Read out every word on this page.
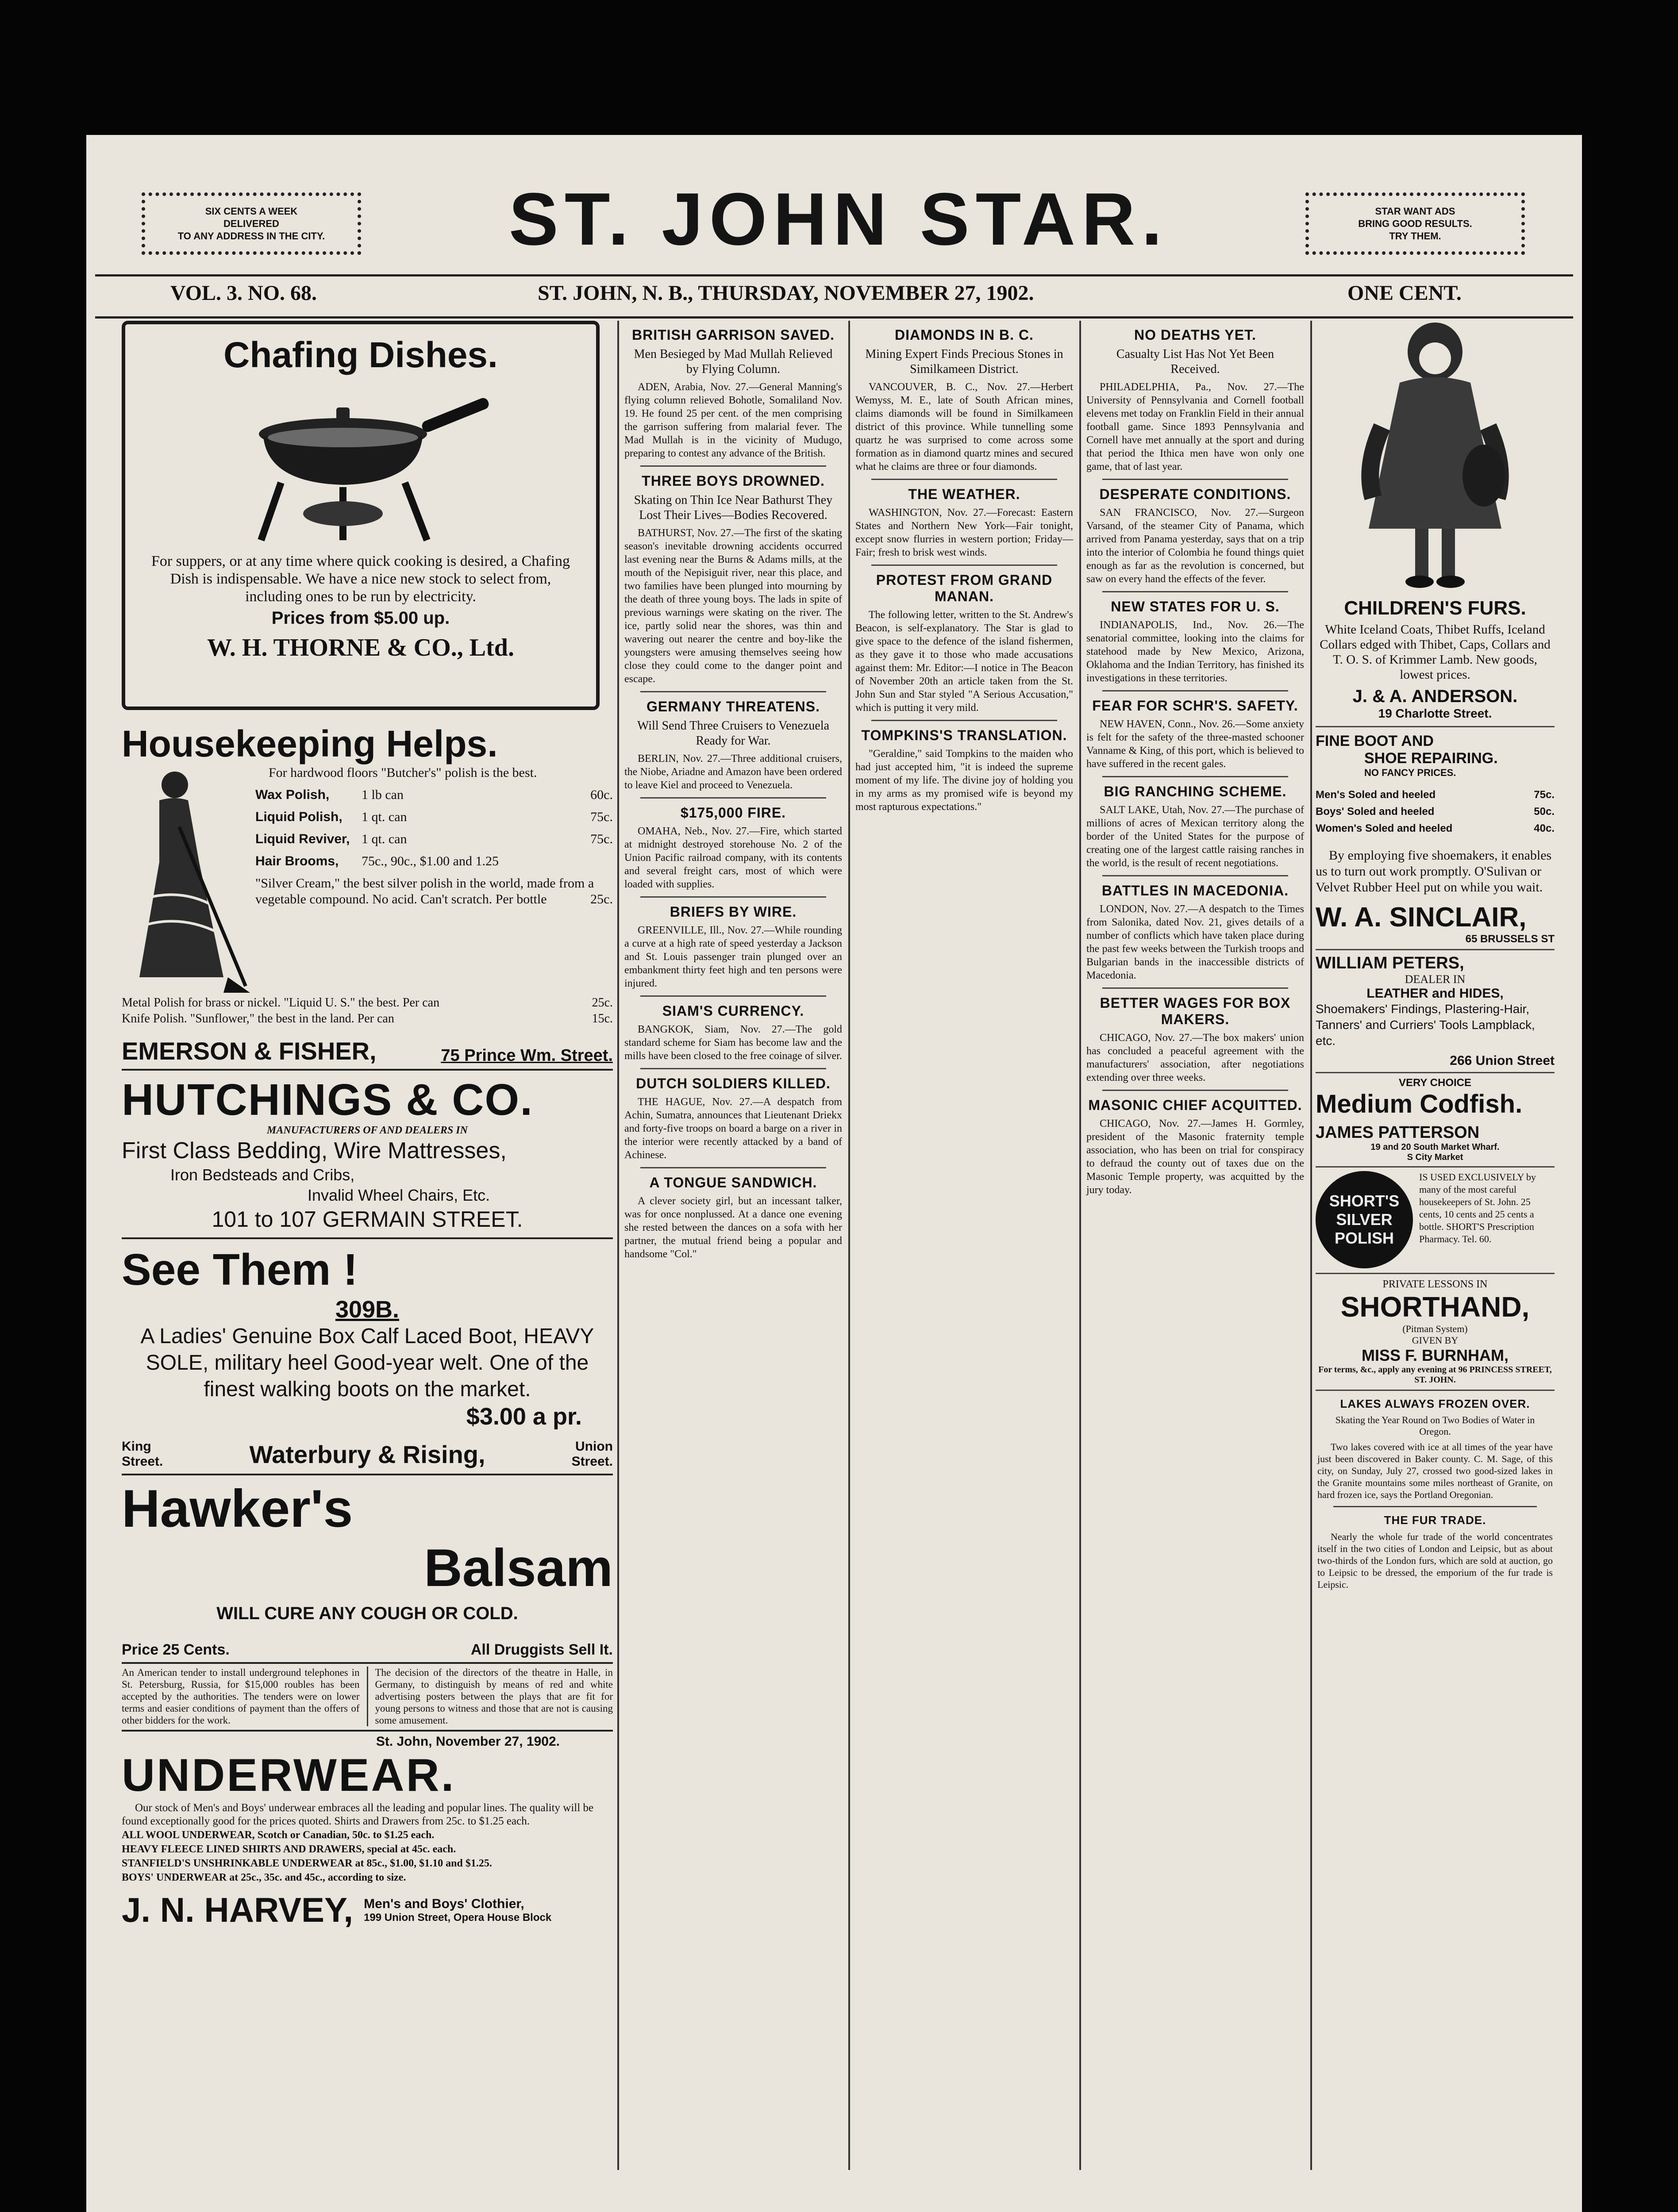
SIX CENTS A WEEK
DELIVERED
TO ANY ADDRESS IN THE CITY.	ST. JOHN STAR.	STAR WANT ADS
BRING GOOD RESULTS.
TRY THEM.
VOL. 3. NO. 68.	ST. JOHN, N. B., THURSDAY, NOVEMBER 27, 1902.	ONE CENT.
Chafing Dishes.
For suppers, or at any time where quick cooking is desired, a Chafing Dish is indispensable. We have a nice new stock to select from, including ones to be run by electricity.
Prices from $5.00 up.
W. H. THORNE & CO., Ltd.
Housekeeping Helps.
For hardwood floors "Butcher's" polish is the best.
Wax Polish,	1 lb can	60c.
Liquid Polish,	1 qt. can	75c.
Liquid Reviver, 1 qt. can	75c.
Hair Brooms,	75c., 90c., $1.00 and 1.25
"Silver Cream," the best silver polish in the world, made from a vegetable compound. No acid. Can't scratch. Per bottle	25c.
Metal Polish for brass or nickel. "Liquid U. S." the best. Per can	25c.
Knife Polish. "Sunflower," the best in the land. Per can	15c.
EMERSON & FISHER,	75 Prince Wm. Street.
HUTCHINGS & CO.
MANUFACTURERS OF AND DEALERS IN
First Class Bedding, Wire Mattresses,
Iron Bedsteads and Cribs,
Invalid Wheel Chairs, Etc.
101 to 107 GERMAIN STREET.
See Them !
309B.
A Ladies' Genuine Box Calf Laced Boot, HEAVY SOLE, military heel Good-year welt. One of the finest walking boots on the market.
$3.00 a pr.
King Street.	Waterbury & Rising,	Union Street.
Hawker's
Balsam
WILL CURE ANY COUGH OR COLD.
Price 25 Cents.	All Druggists Sell It.
An American tender to install underground telephones in St. Petersburg, Russia, for $15,000 roubles has been accepted by the authorities. The tenders were on lower terms and easier conditions of payment than the offers of other bidders for the work.
The decision of the directors of the theatre in Halle, in Germany, to distinguish by means of red and white advertising posters between the plays that are fit for young persons to witness and those that are not is causing some amusement.
St. John, November 27, 1902.
UNDERWEAR.
Our stock of Men's and Boys' underwear embraces all the leading and popular lines. The quality will be found exceptionally good for the prices quoted. Shirts and Drawers from 25c. to $1.25 each.
ALL WOOL UNDERWEAR, Scotch or Canadian, 50c. to $1.25 each.
HEAVY FLEECE LINED SHIRTS AND DRAWERS, special at 45c. each.
STANFIELD'S UNSHRINKABLE UNDERWEAR at 85c., $1.00, $1.10 and $1.25.
BOYS' UNDERWEAR at 25c., 35c. and 45c., according to size.
J. N. HARVEY, Men's and Boys' Clothier,
199 Union Street, Opera House Block
BRITISH GARRISON SAVED.
Men Besieged by Mad Mullah Relieved by Flying Column.
ADEN, Arabia, Nov. 27.—General Manning's flying column relieved Bohotle, Somaliland Nov. 19. He found 25 per cent. of the men comprising the garrison suffering from malarial fever. The Mad Mullah is in the vicinity of Mudugo, preparing to contest any advance of the British.
THREE BOYS DROWNED.
Skating on Thin Ice Near Bathurst They Lost Their Lives—Bodies Recovered.
BATHURST, Nov. 27.—The first of the skating season's inevitable drowning accidents occurred last evening near the Burns & Adams mills, at the mouth of the Nepisiguit river, near this place, and two families have been plunged into mourning by the death of three young boys. The lads in spite of previous warnings were skating on the river. The ice, partly solid near the shores, was thin and wavering out nearer the centre and boy-like the youngsters were amusing themselves seeing how close they could come to the danger point and escape.
GERMANY THREATENS.
Will Send Three Cruisers to Venezuela Ready for War.
BERLIN, Nov. 27.—Three additional cruisers, the Niobe, Ariadne and Amazon have been ordered to leave Kiel and proceed to Venezuela.
$175,000 FIRE.
OMAHA, Neb., Nov. 27.—Fire, which started at midnight destroyed storehouse No. 2 of the Union Pacific railroad company, with its contents and several freight cars, most of which were loaded with supplies.
BRIEFS BY WIRE.
GREENVILLE, Ill., Nov. 27.—While rounding a curve at a high rate of speed yesterday a Jackson and St. Louis passenger train plunged over an embankment thirty feet high and ten persons were injured.
SIAM'S CURRENCY.
BANGKOK, Siam, Nov. 27.—The gold standard scheme for Siam has become law and the mills have been closed to the free coinage of silver.
DUTCH SOLDIERS KILLED.
THE HAGUE, Nov. 27.—A despatch from Achin, Sumatra, announces that Lieutenant Driekx and forty-five troops on board a barge on a river in the interior were recently attacked by a band of Achinese.
A TONGUE SANDWICH.
A clever society girl, but an incessant talker, was for once nonplussed. At a dance one evening she rested between the dances on a sofa with her partner, the mutual friend being a popular and handsome "Col."
DIAMONDS IN B. C.
Mining Expert Finds Precious Stones in Similkameen District.
VANCOUVER, B. C., Nov. 27.—Herbert Wemyss, M. E., late of South African mines, claims diamonds will be found in Similkameen district of this province. While tunnelling some quartz he was surprised to come across some formation as in diamond quartz mines and secured what he claims are three or four diamonds.
THE WEATHER.
WASHINGTON, Nov. 27.—Forecast: Eastern States and Northern New York—Fair tonight, except snow flurries in western portion; Friday—Fair; fresh to brisk west winds.
PROTEST FROM GRAND MANAN.
The following letter, written to the St. Andrew's Beacon, is self-explanatory. The Star is glad to give space to the defence of the island fishermen, as they gave it to those who made accusations against them: Mr. Editor:—I notice in The Beacon of November 20th an article taken from the St. John Sun and Star styled "A Serious Accusation," which is putting it very mild.
TOMPKINS'S TRANSLATION.
"Geraldine," said Tompkins to the maiden who had just accepted him, "it is indeed the supreme moment of my life. The divine joy of holding you in my arms as my promised wife is beyond my most rapturous expectations."
NO DEATHS YET.
Casualty List Has Not Yet Been Received.
PHILADELPHIA, Pa., Nov. 27.—The University of Pennsylvania and Cornell football elevens met today on Franklin Field in their annual football game. Since 1893 Pennsylvania and Cornell have met annually at the sport and during that period the Ithica men have won only one game, that of last year.
DESPERATE CONDITIONS.
SAN FRANCISCO, Nov. 27.—Surgeon Varsand, of the steamer City of Panama, which arrived from Panama yesterday, says that on a trip into the interior of Colombia he found things quiet enough as far as the revolution is concerned, but saw on every hand the effects of the fever.
NEW STATES FOR U. S.
INDIANAPOLIS, Ind., Nov. 26.—The senatorial committee, looking into the claims for statehood made by New Mexico, Arizona, Oklahoma and the Indian Territory, has finished its investigations in these territories.
FEAR FOR SCHR'S. SAFETY.
NEW HAVEN, Conn., Nov. 26.—Some anxiety is felt for the safety of the three-masted schooner Vanname & King, of this port, which is believed to have suffered in the recent gales.
BIG RANCHING SCHEME.
SALT LAKE, Utah, Nov. 27.—The purchase of millions of acres of Mexican territory along the border of the United States for the purpose of creating one of the largest cattle raising ranches in the world, is the result of recent negotiations.
BATTLES IN MACEDONIA.
LONDON, Nov. 27.—A despatch to the Times from Salonika, dated Nov. 21, gives details of a number of conflicts which have taken place during the past few weeks between the Turkish troops and Bulgarian bands in the inaccessible districts of Macedonia.
BETTER WAGES FOR BOX MAKERS.
CHICAGO, Nov. 27.—The box makers' union has concluded a peaceful agreement with the manufacturers' association, after negotiations extending over three weeks.
MASONIC CHIEF ACQUITTED.
CHICAGO, Nov. 27.—James H. Gormley, president of the Masonic fraternity temple association, who has been on trial for conspiracy to defraud the county out of taxes due on the Masonic Temple property, was acquitted by the jury today.
CHILDREN'S FURS.
White Iceland Coats, Thibet Ruffs, Iceland Collars edged with Thibet, Caps, Collars and T. O. S. of Krimmer Lamb. New goods, lowest prices.
J. & A. ANDERSON.
19 Charlotte Street.
FINE BOOT AND
SHOE REPAIRING.
NO FANCY PRICES.
Men's Soled and heeled	75c.
Boys' Soled and heeled	50c.
Women's Soled and heeled	40c.
By employing five shoemakers, it enables us to turn out work promptly. O'Sulivan or Velvet Rubber Heel put on while you wait.
W. A. SINCLAIR,
65 BRUSSELS ST
WILLIAM PETERS,
DEALER IN
LEATHER and HIDES,
Shoemakers' Findings, Plastering-Hair, Tanners' and Curriers' Tools Lampblack, etc.
266 Union Street
VERY CHOICE
Medium Codfish.
JAMES PATTERSON
19 and 20 South Market Wharf.
S City Market
SHORT'S
SILVER
POLISH
IS USED EXCLUSIVELY by many of the most careful housekeepers of St. John. 25 cents, 10 cents and 25 cents a bottle. SHORT'S Prescription Pharmacy. Tel. 60.
PRIVATE LESSONS IN
SHORTHAND,
(Pitman System)
GIVEN BY
MISS F. BURNHAM,
For terms, &c., apply any evening at 96 PRINCESS STREET, ST. JOHN.
LAKES ALWAYS FROZEN OVER.
Skating the Year Round on Two Bodies of Water in Oregon.
Two lakes covered with ice at all times of the year have just been discovered in Baker county. C. M. Sage, of this city, on Sunday, July 27, crossed two good-sized lakes in the Granite mountains some miles northeast of Granite, on hard frozen ice, says the Portland Oregonian.
THE FUR TRADE.
Nearly the whole fur trade of the world concentrates itself in the two cities of London and Leipsic, but as about two-thirds of the London furs, which are sold at auction, go to Leipsic to be dressed, the emporium of the fur trade is Leipsic.
